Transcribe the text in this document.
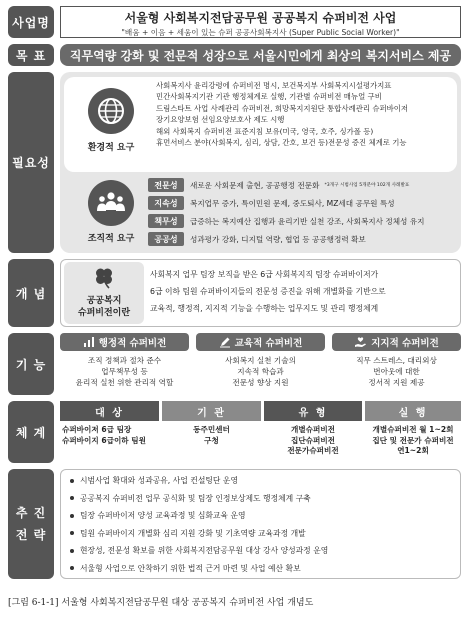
사업명	서울형 사회복지전담공무원 공공복지 슈퍼비전 사업
"배움 + 이음 + 세움이 있는 슈퍼 공공사회복지사 (Super Public Social Worker)"
목 표	직무역량 강화 및 전문적 성장으로 서울시민에게 최상의 복지서비스 제공
필요성
환경적 요구
사회복지사 윤리강령에 슈퍼비전 명시, 보건복지부 사회복지시설평가지표
민간사회복지기관 기관 행정체계로 실행, 기관별 슈퍼비전 매뉴얼 구비
드림스타트 사업 사례관리 슈퍼비전, 희망복지지원단 통합사례관리 슈퍼바이저
장기요양보험 선임요양보호사 제도 시행
해외 사회복지 슈퍼비전 표준지침 보유(미국, 영국, 호주, 싱가폴 등)
휴먼서비스 분야(사회복지, 심리, 상담, 간호, 보건 등)전문성 증진 체계로 기능
조직적 요구
전문성	새로운 사회문제 출현, 공공행정 전문화 *3개구 시범사업 5개분야 102개 사례발표
지속성	복지업무 증가, 특이민원 문제, 중도퇴사, MZ세대 공무원 특성
책무성	급증하는 복지예산 집행과 윤리기반 실천 강조, 사회복지사 정체성 유지
공공성	성과평가 강화, 디지털 역량, 협업 등 공공행정력 확보
개 념
공공복지
슈퍼비전이란
사회복지 업무 팀장 보직을 받은 6급 사회복지직 팀장 슈퍼바이저가
6급 이하 팀원 슈퍼바이지들의 전문성 증진을 위해 개별화를 기반으로
교육적, 행정적, 지지적 기능을 수행하는 업무지도 및 관리 행정체계
기 능
행정적 슈퍼비전
조직 정책과 절차 준수
업무책무성 등
윤리적 실천 위한 관리적 역할
교육적 슈퍼비전
사회복지 실천 기술의
지속적 학습과
전문성 향상 지원
지지적 슈퍼비전
직무 스트레스, 대리외상
번아웃에 대한
정서적 지원 제공
체 계
대 상
슈퍼바이저 6급 팀장
슈퍼바이지 6급이하 팀원
기 관
동주민센터
구청
유 형
개별슈퍼비전
집단슈퍼비전
전문가슈퍼비전
실 행
개별슈퍼비전 월 1~2회
집단 및 전문가 슈퍼비전
연1~2회
추 진
전 략
시범사업 확대와 성과공유, 사업 컨설팅단 운영
공공복지 슈퍼비전 업무 공식화 및 팀장 인정보상제도 행정체계 구축
팀장 슈퍼바이저 양성 교육과정 및 심화교육 운영
팀원 슈퍼바이지 개별화 심리 지원 강화 및 기초역량 교육과정 개발
현장성, 전문성 확보를 위한 사회복지전담공무원 대상 강사 양성과정 운영
서울형 사업으로 안착하기 위한 법적 근거 마련 및 사업 예산 확보
[그림 6-1-1] 서울형 사회복지전담공무원 대상 공공복지 슈퍼비전 사업 개념도
